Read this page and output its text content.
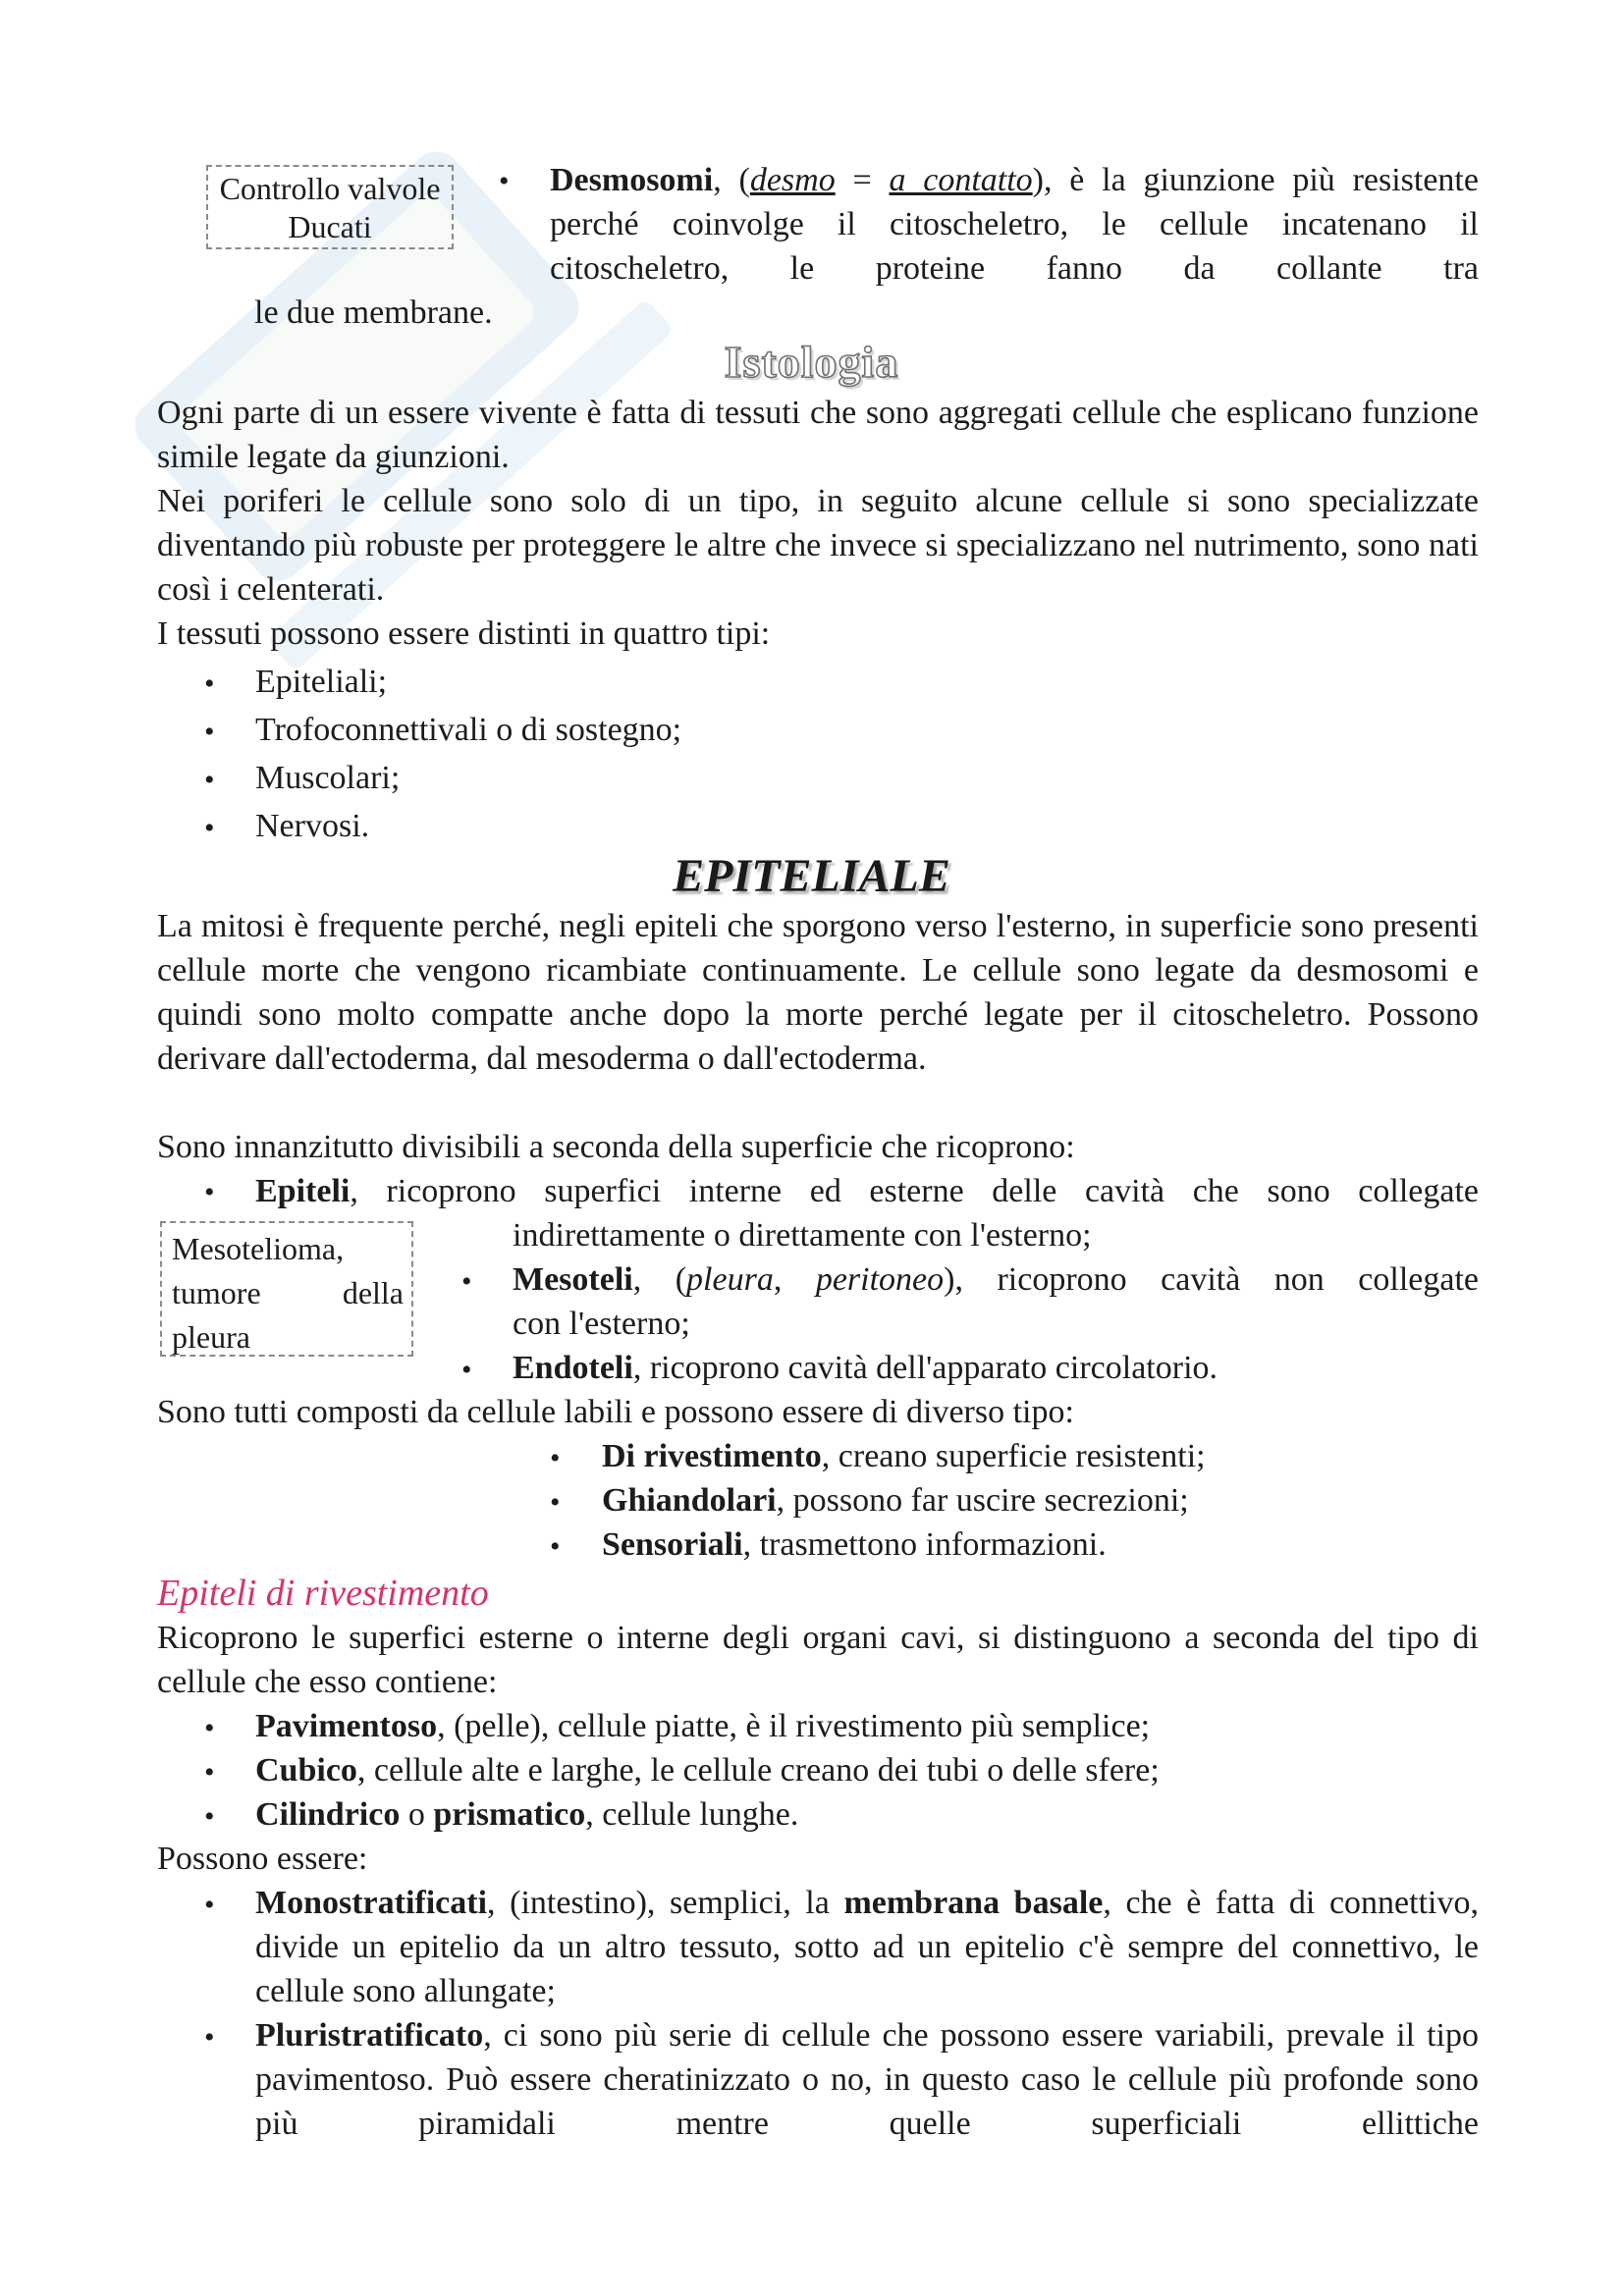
Controllo valvole
Ducati
• Desmosomi, (desmo = a contatto), è la giunzione più resistente perché coinvolge il citoscheletro, le cellule incatenano il citoscheletro, le proteine fanno da collante tra

le due membrane.

Istologia

Ogni parte di un essere vivente è fatta di tessuti che sono aggregati cellule che esplicano funzione simile legate da giunzioni.

Nei poriferi le cellule sono solo di un tipo, in seguito alcune cellule si sono specializzate diventando più robuste per proteggere le altre che invece si specializzano nel nutrimento, sono nati così i celenterati.

I tessuti possono essere distinti in quattro tipi:

• Epiteliali;

• Trofoconnettivali o di sostegno;

• Muscolari;

• Nervosi.

EPITELIALE

La mitosi è frequente perché, negli epiteli che sporgono verso l'esterno, in superficie sono presenti cellule morte che vengono ricambiate continuamente. Le cellule sono legate da desmosomi e quindi sono molto compatte anche dopo la morte perché legate per il citoscheletro. Possono derivare dall'ectoderma, dal mesoderma o dall'ectoderma.

Sono innanzitutto divisibili a seconda della superficie che ricoprono:

• Epiteli, ricoprono superfici interne ed esterne delle cavità che sono collegate

indirettamente o direttamente con l'esterno;

Mesotelioma,
tumore	della
pleura
• Mesoteli, (pleura, peritoneo), ricoprono cavità non collegate

con l'esterno;

• Endoteli, ricoprono cavità dell'apparato circolatorio.

Sono tutti composti da cellule labili e possono essere di diverso tipo:

• Di rivestimento, creano superficie resistenti;

• Ghiandolari, possono far uscire secrezioni;

• Sensoriali, trasmettono informazioni.

Epiteli di rivestimento

Ricoprono le superfici esterne o interne degli organi cavi, si distinguono a seconda del tipo di cellule che esso contiene:

• Pavimentoso, (pelle), cellule piatte, è il rivestimento più semplice;

• Cubico, cellule alte e larghe, le cellule creano dei tubi o delle sfere;

• Cilindrico o prismatico, cellule lunghe.

Possono essere:

• Monostratificati, (intestino), semplici, la membrana basale, che è fatta di connettivo, divide un epitelio da un altro tessuto, sotto ad un epitelio c'è sempre del connettivo, le cellule sono allungate;

• Pluristratificato, ci sono più serie di cellule che possono essere variabili, prevale il tipo pavimentoso. Può essere cheratinizzato o no, in questo caso le cellule più profonde sono più piramidali mentre quelle superficiali ellittiche
